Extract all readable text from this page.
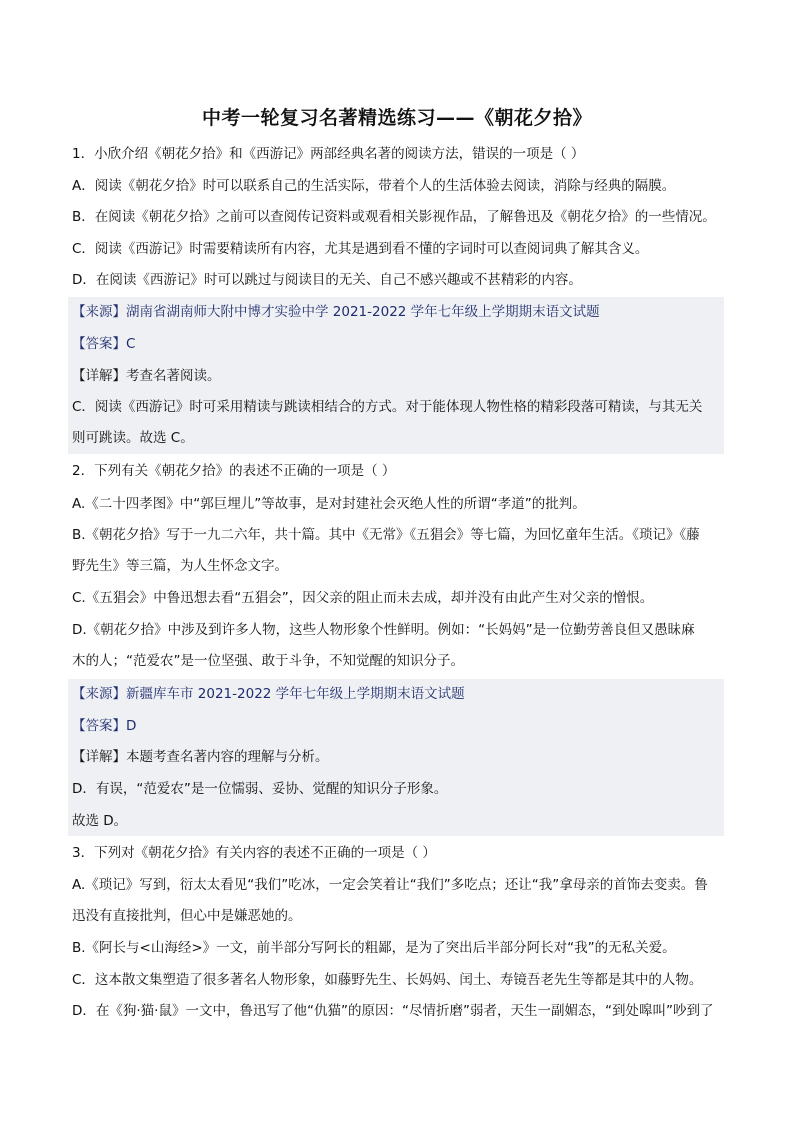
中考一轮复习名著精选练习——《朝花夕拾》
1．小欣介绍《朝花夕拾》和《西游记》两部经典名著的阅读方法，错误的一项是（ ）
A．阅读《朝花夕拾》时可以联系自己的生活实际，带着个人的生活体验去阅读，消除与经典的隔膜。
B．在阅读《朝花夕拾》之前可以查阅传记资料或观看相关影视作品，了解鲁迅及《朝花夕拾》的一些情况。
C．阅读《西游记》时需要精读所有内容，尤其是遇到看不懂的字词时可以查阅词典了解其含义。
D．在阅读《西游记》时可以跳过与阅读目的无关、自己不感兴趣或不甚精彩的内容。
【来源】湖南省湖南师大附中博才实验中学 2021-2022 学年七年级上学期期末语文试题
【答案】C
【详解】考查名著阅读。
C．阅读《西游记》时可采用精读与跳读相结合的方式。对于能体现人物性格的精彩段落可精读，与其无关
则可跳读。故选 C。
2．下列有关《朝花夕拾》的表述不正确的一项是（ ）
A.《二十四孝图》中“郭巨埋儿”等故事，是对封建社会灭绝人性的所谓“孝道”的批判。
B.《朝花夕拾》写于一九二六年，共十篇。其中《无常》《五猖会》等七篇，为回忆童年生活。《琐记》《藤
野先生》等三篇，为人生怀念文字。
C.《五猖会》中鲁迅想去看“五猖会”，因父亲的阻止而未去成，却并没有由此产生对父亲的憎恨。
D.《朝花夕拾》中涉及到许多人物，这些人物形象个性鲜明。例如：“长妈妈”是一位勤劳善良但又愚昧麻
木的人；“范爱农”是一位坚强、敢于斗争，不知觉醒的知识分子。
【来源】新疆库车市 2021-2022 学年七年级上学期期末语文试题
【答案】D
【详解】本题考查名著内容的理解与分析。
D．有误，“范爱农”是一位懦弱、妥协、觉醒的知识分子形象。
故选 D。
3．下列对《朝花夕拾》有关内容的表述不正确的一项是（ ）
A.《琐记》写到，衍太太看见“我们”吃冰，一定会笑着让“我们”多吃点；还让“我”拿母亲的首饰去变卖。鲁
迅没有直接批判，但心中是嫌恶她的。
B.《阿长与<山海经>》一文，前半部分写阿长的粗鄙，是为了突出后半部分阿长对“我”的无私关爱。
C．这本散文集塑造了很多著名人物形象，如藤野先生、长妈妈、闰土、寿镜吾老先生等都是其中的人物。
D．在《狗·猫·鼠》一文中，鲁迅写了他“仇猫”的原因：“尽情折磨”弱者，天生一副媚态，“到处嗥叫”吵到了
